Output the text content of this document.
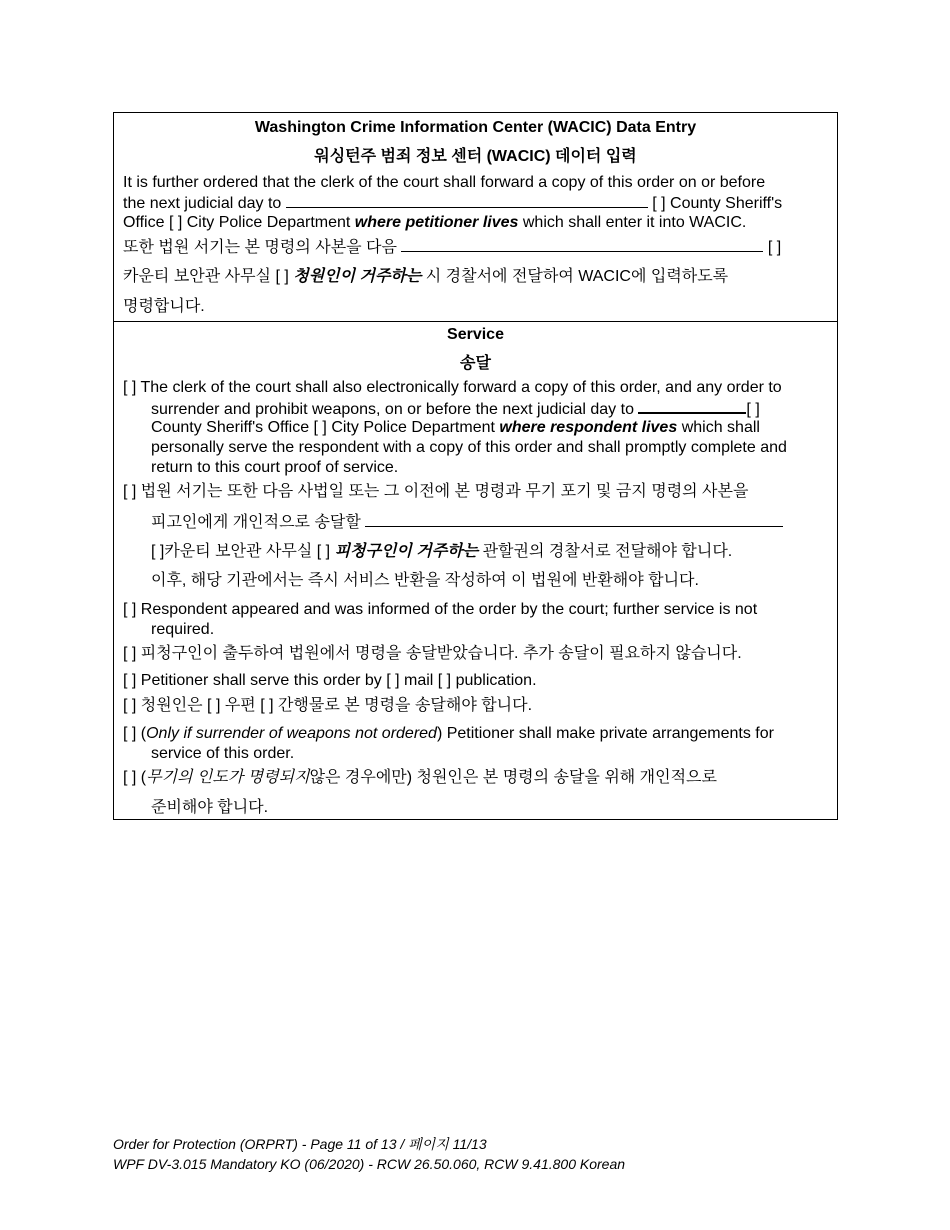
Washington Crime Information Center (WACIC) Data Entry
워싱턴주 범죄 정보 센터 (WACIC) 데이터 입력
It is further ordered that the clerk of the court shall forward a copy of this order on or before
the next judicial day to	[ ] County Sheriff's
Office [ ] City Police Department where petitioner lives which shall enter it into WACIC.
또한 법원 서기는 본 명령의 사본을 다음	[ ]
카운티 보안관 사무실 [ ] 청원인이 거주하는 시 경찰서에 전달하여 WACIC에 입력하도록
명령합니다.
Service
송달
[ ] The clerk of the court shall also electronically forward a copy of this order, and any order to
surrender and prohibit weapons, on or before the next judicial day to	[ ]
County Sheriff's Office [ ] City Police Department where respondent lives which shall
personally serve the respondent with a copy of this order and shall promptly complete and
return to this court proof of service.
[ ] 법원 서기는 또한 다음 사법일 또는 그 이전에 본 명령과 무기 포기 및 금지 명령의 사본을
피고인에게 개인적으로 송달할
[ ]카운티 보안관 사무실 [ ] 피청구인이 거주하는 관할권의 경찰서로 전달해야 합니다.
이후, 해당 기관에서는 즉시 서비스 반환을 작성하여 이 법원에 반환해야 합니다.
[ ] Respondent appeared and was informed of the order by the court; further service is not
required.
[ ] 피청구인이 출두하여 법원에서 명령을 송달받았습니다. 추가 송달이 필요하지 않습니다.
[ ] Petitioner shall serve this order by [ ] mail [ ] publication.
[ ] 청원인은 [ ] 우편 [ ] 간행물로 본 명령을 송달해야 합니다.
[ ] (Only if surrender of weapons not ordered) Petitioner shall make private arrangements for
service of this order.
[ ] (무기의 인도가 명령되지않은 경우에만) 청원인은 본 명령의 송달을 위해 개인적으로
준비해야 합니다.
Order for Protection (ORPRT) - Page 11 of 13 / 페이지 11/13
WPF DV-3.015 Mandatory KO (06/2020) - RCW 26.50.060, RCW 9.41.800 Korean
